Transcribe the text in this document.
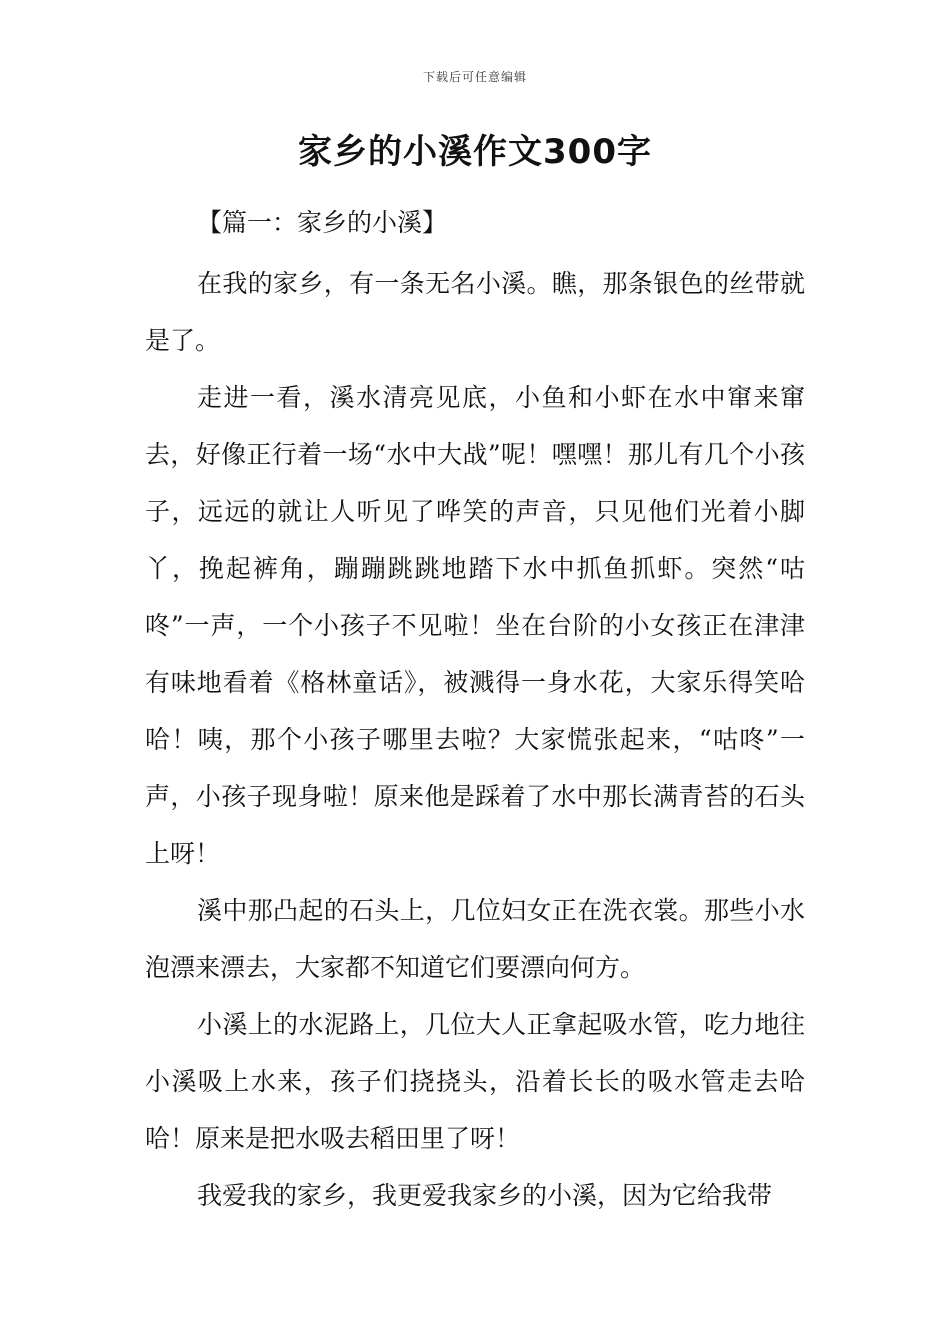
下载后可任意编辑
家乡的小溪作文300字
【篇一：家乡的小溪】

在我的家乡，有一条无名小溪。瞧，那条银色的丝带就是了。

走进一看，溪水清亮见底，小鱼和小虾在水中窜来窜去，好像正行着一场“水中大战”呢！嘿嘿！那儿有几个小孩子，远远的就让人听见了哗笑的声音，只见他们光着小脚丫，挽起裤角，蹦蹦跳跳地踏下水中抓鱼抓虾。突然“咕咚”一声，一个小孩子不见啦！坐在台阶的小女孩正在津津有味地看着《格林童话》，被溅得一身水花，大家乐得笑哈哈！咦，那个小孩子哪里去啦？大家慌张起来，“咕咚”一声，小孩子现身啦！原来他是踩着了水中那长满青苔的石头上呀！

溪中那凸起的石头上，几位妇女正在洗衣裳。那些小水泡漂来漂去，大家都不知道它们要漂向何方。

小溪上的水泥路上，几位大人正拿起吸水管，吃力地往小溪吸上水来，孩子们挠挠头，沿着长长的吸水管走去哈哈！原来是把水吸去稻田里了呀！

我爱我的家乡，我更爱我家乡的小溪，因为它给我带
